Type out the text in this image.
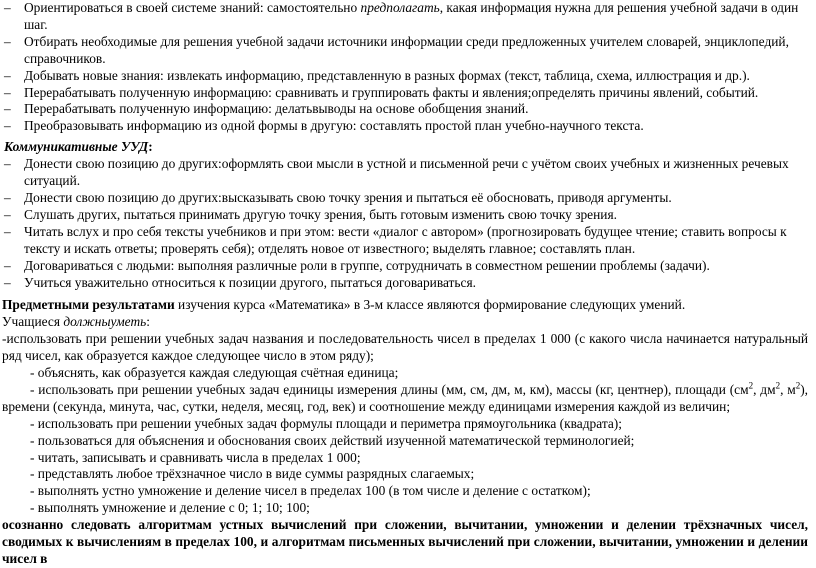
– Ориентироваться в своей системе знаний: самостоятельно предполагать, какая информация нужна для решения учебной задачи в один шаг.

– Отбирать необходимые для решения учебной задачи источники информации среди предложенных учителем словарей, энциклопедий, справочников.

– Добывать новые знания: извлекать информацию, представленную в разных формах (текст, таблица, схема, иллюстрация и др.).

– Перерабатывать полученную информацию: сравнивать и группировать факты и явления;определять причины явлений, событий.

– Перерабатывать полученную информацию: делатьвыводы на основе обобщения знаний.

– Преобразовывать информацию из одной формы в другую: составлять простой план учебно-научного текста.

Коммуникативные УУД:

– Донести свою позицию до других:оформлять свои мысли в устной и письменной речи с учётом своих учебных и жизненных речевых ситуаций.

– Донести свою позицию до других:высказывать свою точку зрения и пытаться её обосновать, приводя аргументы.

– Слушать других, пытаться принимать другую точку зрения, быть готовым изменить свою точку зрения.

– Читать вслух и про себя тексты учебников и при этом: вести «диалог с автором» (прогнозировать будущее чтение; ставить вопросы к тексту и искать ответы; проверять себя); отделять новое от известного; выделять главное; составлять план.

– Договариваться с людьми: выполняя различные роли в группе, сотрудничать в совместном решении проблемы (задачи).

– Учиться уважительно относиться к позиции другого, пытаться договариваться.

Предметными результатами изучения курса «Математика» в 3-м классе являются формирование следующих умений.

Учащиеся должныуметь:

-использовать при решении учебных задач названия и последовательность чисел в пределах 1 000 (с какого числа начинается натуральный ряд чисел, как образуется каждое следующее число в этом ряду);

- объяснять, как образуется каждая следующая счётная единица;

- использовать при решении учебных задач единицы измерения длины (мм, см, дм, м, км), массы (кг, центнер), площади ($см^2$, $дм^2$, $м^2$), времени (секунда, минута, час, сутки, неделя, месяц, год, век) и соотношение между единицами измерения каждой из величин;

- использовать при решении учебных задач формулы площади и периметра прямоугольника (квадрата);

- пользоваться для объяснения и обоснования своих действий изученной математической терминологией;

- читать, записывать и сравнивать числа в пределах 1 000;

- представлять любое трёхзначное число в виде суммы разрядных слагаемых;

- выполнять устно умножение и деление чисел в пределах 100 (в том числе и деление с остатком);

- выполнять умножение и деление с 0; 1; 10; 100;

осознанно следовать алгоритмам устных вычислений при сложении, вычитании, умножении и делении трёхзначных чисел, сводимых к вычислениям в пределах 100, и алгоритмам письменных вычислений при сложении, вычитании, умножении и делении чисел в
